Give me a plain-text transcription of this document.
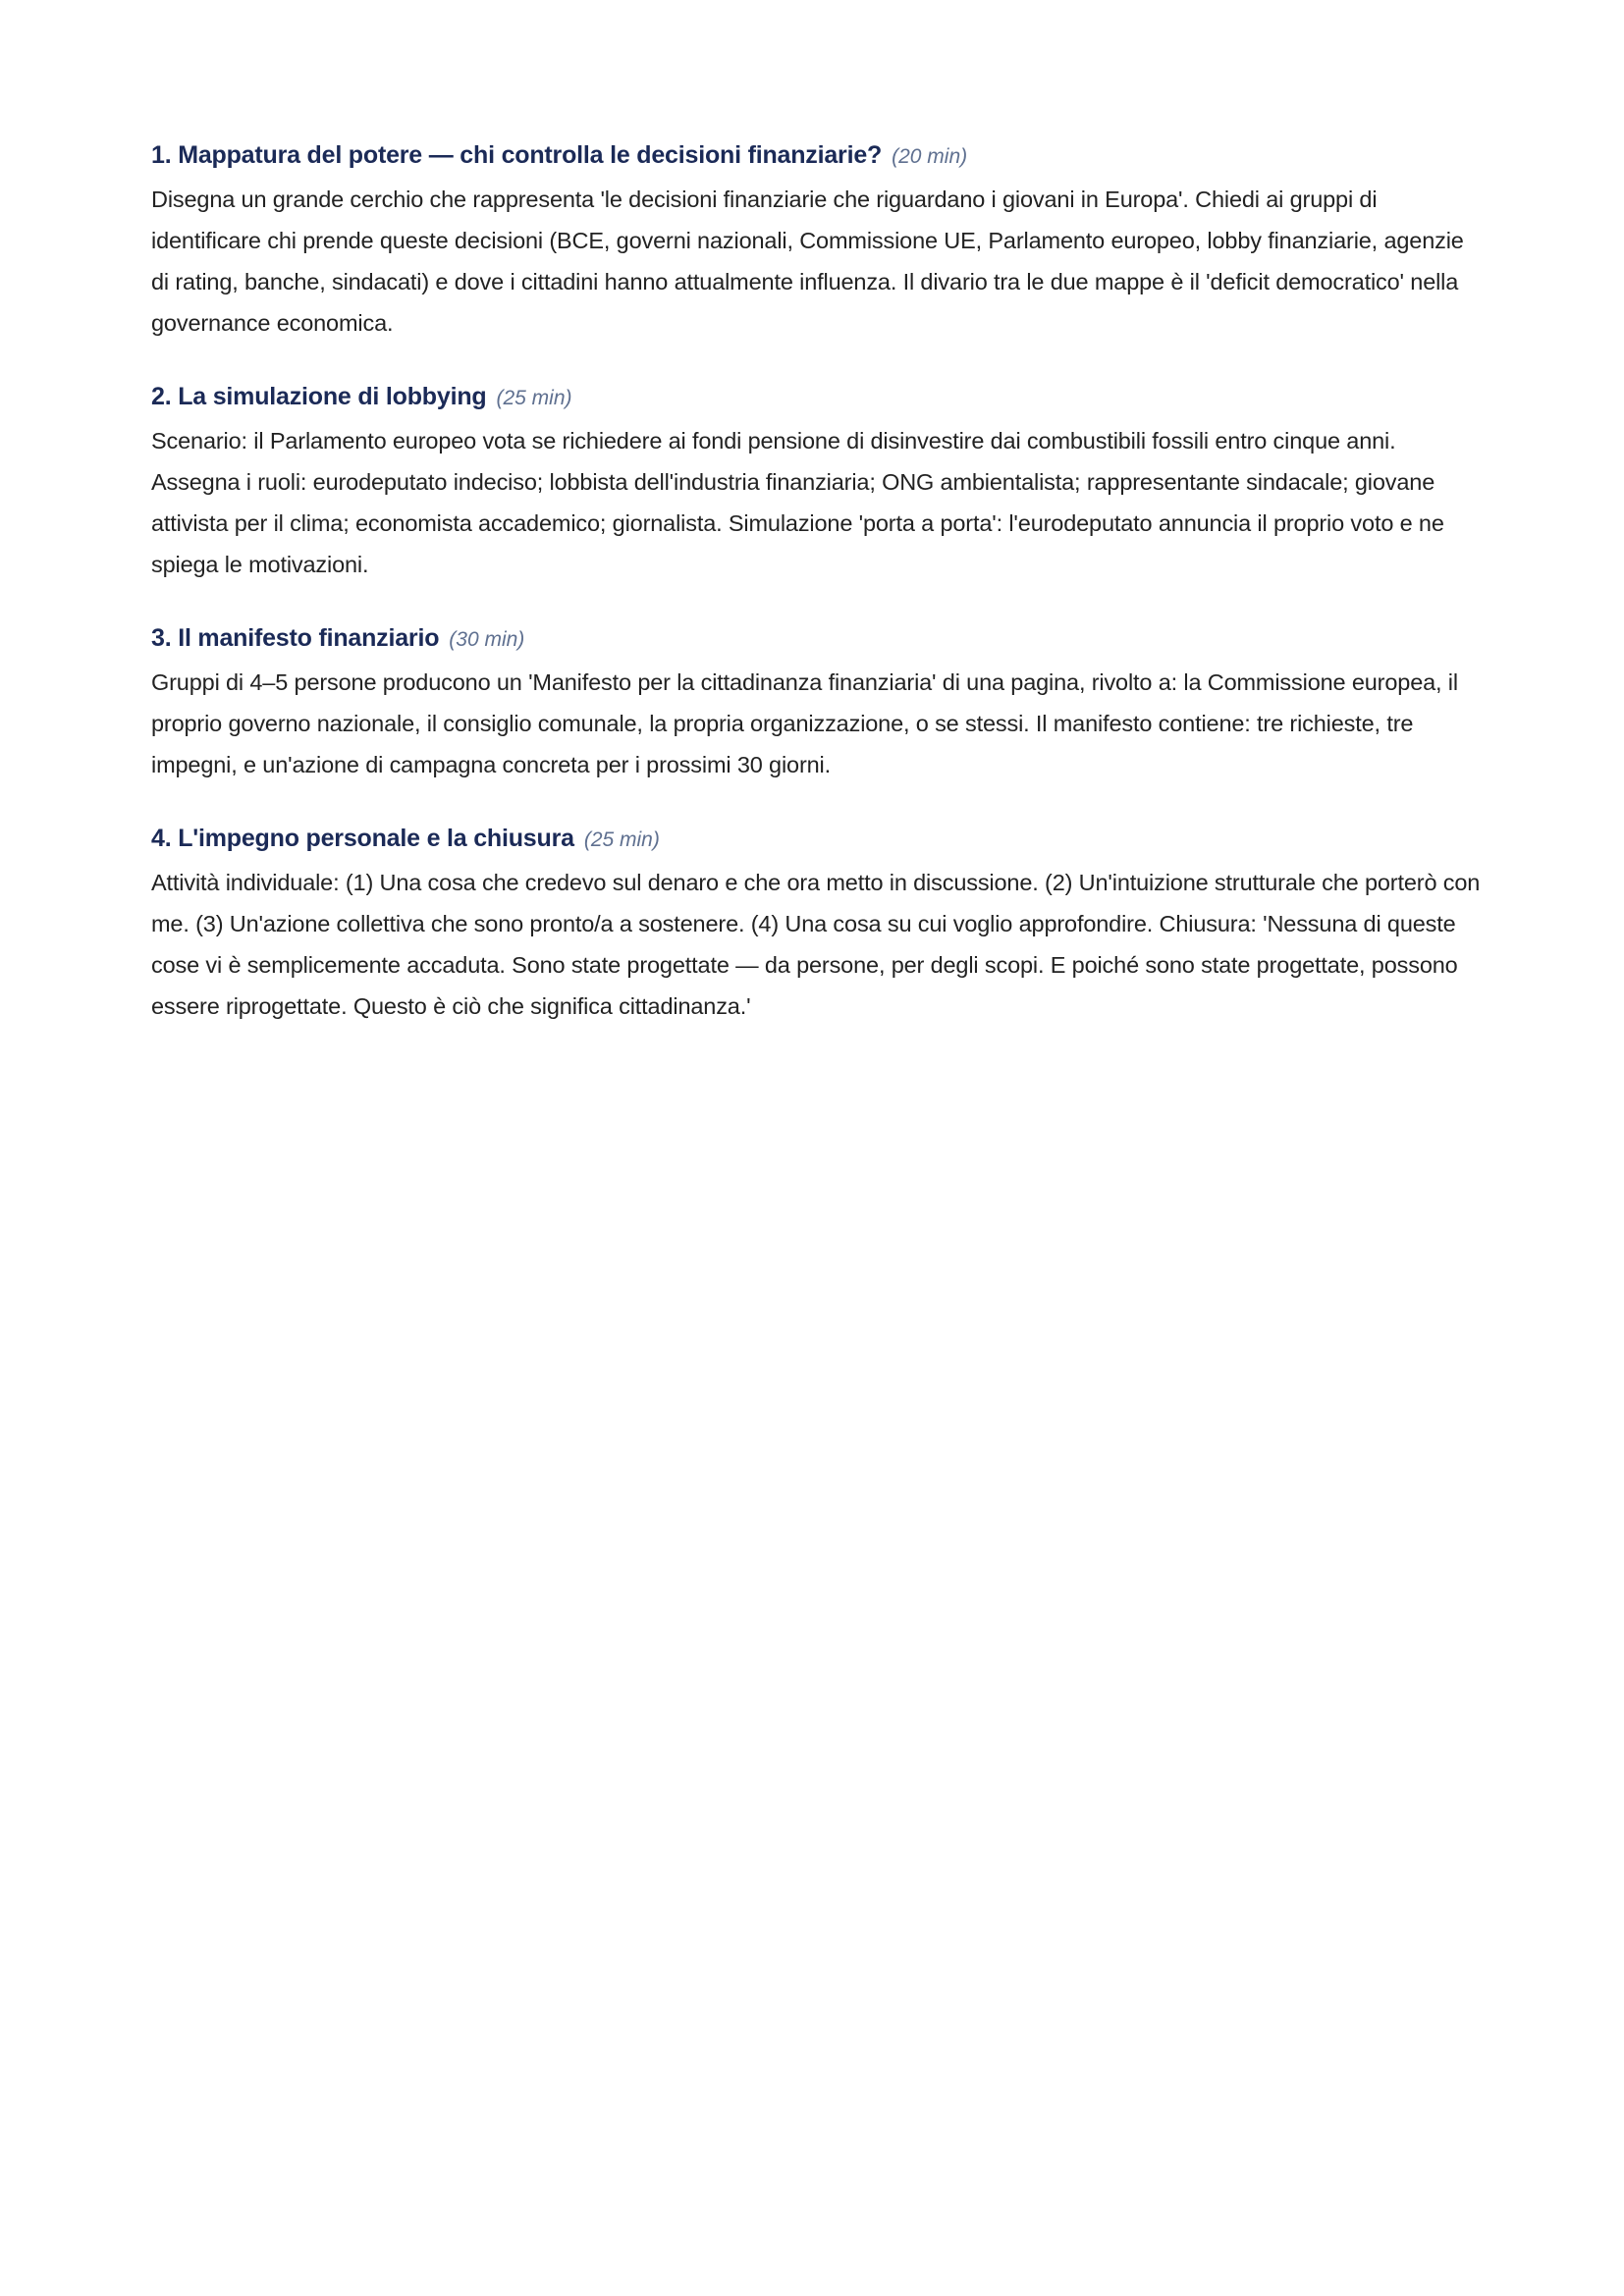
1. Mappatura del potere — chi controlla le decisioni finanziarie? (20 min)

Disegna un grande cerchio che rappresenta 'le decisioni finanziarie che riguardano i giovani in Europa'. Chiedi ai gruppi di identificare chi prende queste decisioni (BCE, governi nazionali, Commissione UE, Parlamento europeo, lobby finanziarie, agenzie di rating, banche, sindacati) e dove i cittadini hanno attualmente influenza. Il divario tra le due mappe è il 'deficit democratico' nella governance economica.

2. La simulazione di lobbying (25 min)

Scenario: il Parlamento europeo vota se richiedere ai fondi pensione di disinvestire dai combustibili fossili entro cinque anni. Assegna i ruoli: eurodeputato indeciso; lobbista dell'industria finanziaria; ONG ambientalista; rappresentante sindacale; giovane attivista per il clima; economista accademico; giornalista. Simulazione 'porta a porta': l'eurodeputato annuncia il proprio voto e ne spiega le motivazioni.

3. Il manifesto finanziario (30 min)

Gruppi di 4–5 persone producono un 'Manifesto per la cittadinanza finanziaria' di una pagina, rivolto a: la Commissione europea, il proprio governo nazionale, il consiglio comunale, la propria organizzazione, o se stessi. Il manifesto contiene: tre richieste, tre impegni, e un'azione di campagna concreta per i prossimi 30 giorni.

4. L'impegno personale e la chiusura (25 min)

Attività individuale: (1) Una cosa che credevo sul denaro e che ora metto in discussione. (2) Un'intuizione strutturale che porterò con me. (3) Un'azione collettiva che sono pronto/a a sostenere. (4) Una cosa su cui voglio approfondire. Chiusura: 'Nessuna di queste cose vi è semplicemente accaduta. Sono state progettate — da persone, per degli scopi. E poiché sono state progettate, possono essere riprogettate. Questo è ciò che significa cittadinanza.'
